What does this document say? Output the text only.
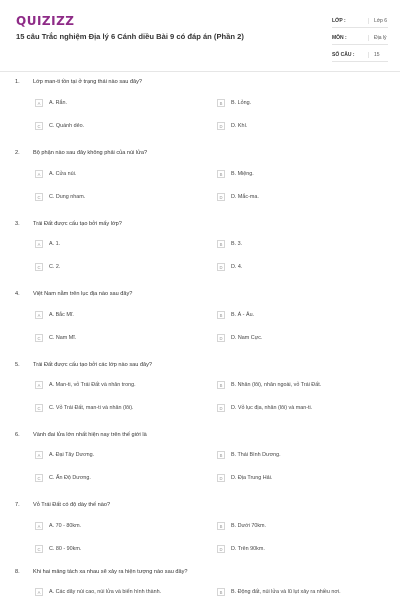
QUIZIZZ
15 câu Trắc nghiệm Địa lý 6 Cánh diều Bài 9 có đáp án (Phần 2)
LỚP :	Lớp 6
MÔN :	Địa lý
SỐ CÂU :	15
1. Lớp man-ti tồn tại ở trạng thái nào sau đây?
A	A. Rắn.	B	B. Lỏng.
C	C. Quánh dẻo.	D	D. Khí.
2. Bộ phận nào sau đây không phải của núi lửa?
A	A. Cửa núi.	B	B. Miệng.
C	C. Dung nham.	D	D. Mắc-ma.
3. Trái Đất được cấu tạo bởi mấy lớp?
A	A. 1.	B	B. 3.
C	C. 2.	D	D. 4.
4. Việt Nam nằm trên lục địa nào sau đây?
A	A. Bắc Mĩ.	B	B. Á - Âu.
C	C. Nam Mĩ.	D	D. Nam Cực.
5. Trái Đất được cấu tạo bởi các lớp nào sau đây?
A	A. Man-ti, vỏ Trái Đất và nhân trong.	B	B. Nhân (lõi), nhân ngoài, vỏ Trái Đất.
C	C. Vỏ Trái Đất, man-ti và nhân (lõi).	D	D. Vỏ lục địa, nhân (lõi) và man-ti.
6. Vành đai lửa lớn nhất hiện nay trên thế giới là
A	A. Đại Tây Dương.	B	B. Thái Bình Dương.
C	C. Ấn Độ Dương.	D	D. Địa Trung Hải.
7. Vỏ Trái Đất có độ dày thế nào?
A	A. 70 - 80km.	B	B. Dưới 70km.
C	C. 80 - 90km.	D	D. Trên 90km.
8. Khi hai mảng tách xa nhau sẽ xảy ra hiện tượng nào sau đây?
A	A. Các dãy núi cao, núi lửa và biển hình thành.	B	B. Động đất, núi lửa và lũ lụt xảy ra nhiều nơi.
